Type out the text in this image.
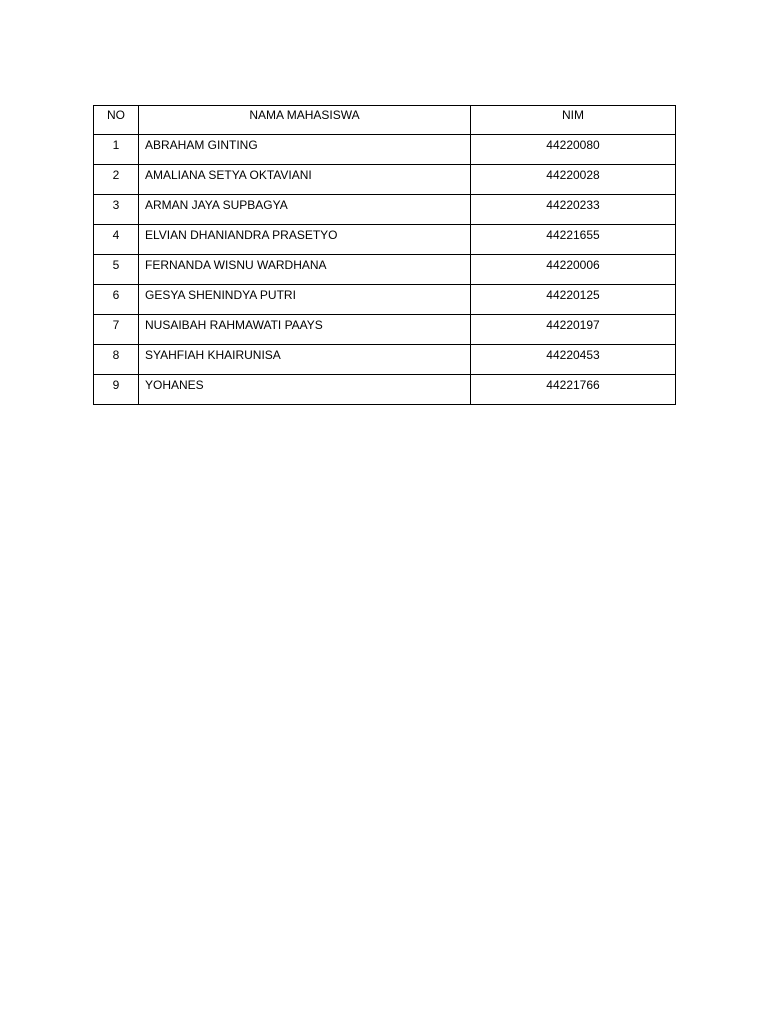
NO	NAMA MAHASISWA	NIM
1	ABRAHAM GINTING	44220080
2	AMALIANA SETYA OKTAVIANI	44220028
3	ARMAN JAYA SUPBAGYA	44220233
4	ELVIAN DHANIANDRA PRASETYO	44221655
5	FERNANDA WISNU WARDHANA	44220006
6	GESYA SHENINDYA PUTRI	44220125
7	NUSAIBAH RAHMAWATI PAAYS	44220197
8	SYAHFIAH KHAIRUNISA	44220453
9	YOHANES	44221766
